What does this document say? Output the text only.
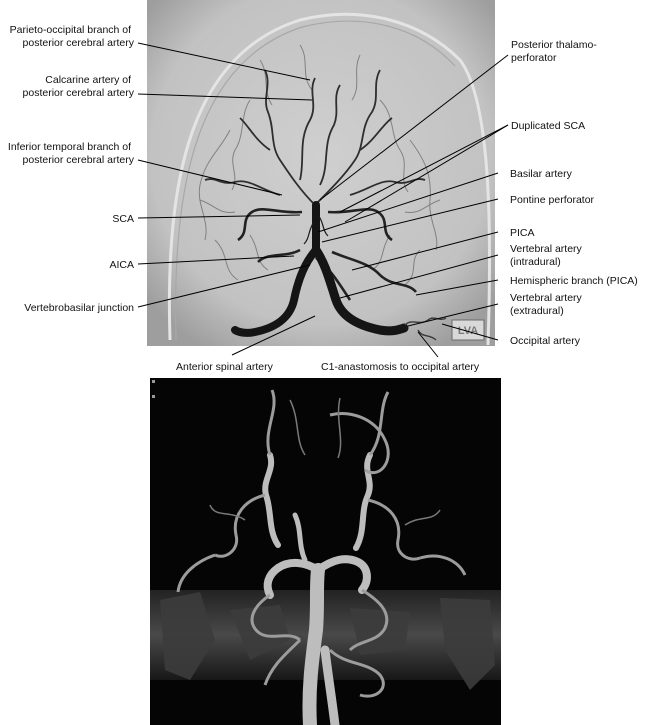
LVA
Parieto-occipital branch of posterior cerebral artery
Calcarine artery of posterior cerebral artery
Inferior temporal branch of posterior cerebral artery
SCA
AICA
Vertebrobasilar junction
Posterior thalamo- perforator
Duplicated SCA
Basilar artery
Pontine perforator
PICA
Vertebral artery (intradural)
Hemispheric branch (PICA)
Vertebral artery (extradural)
Occipital artery
Anterior spinal artery	C1-anastomosis to occipital artery
